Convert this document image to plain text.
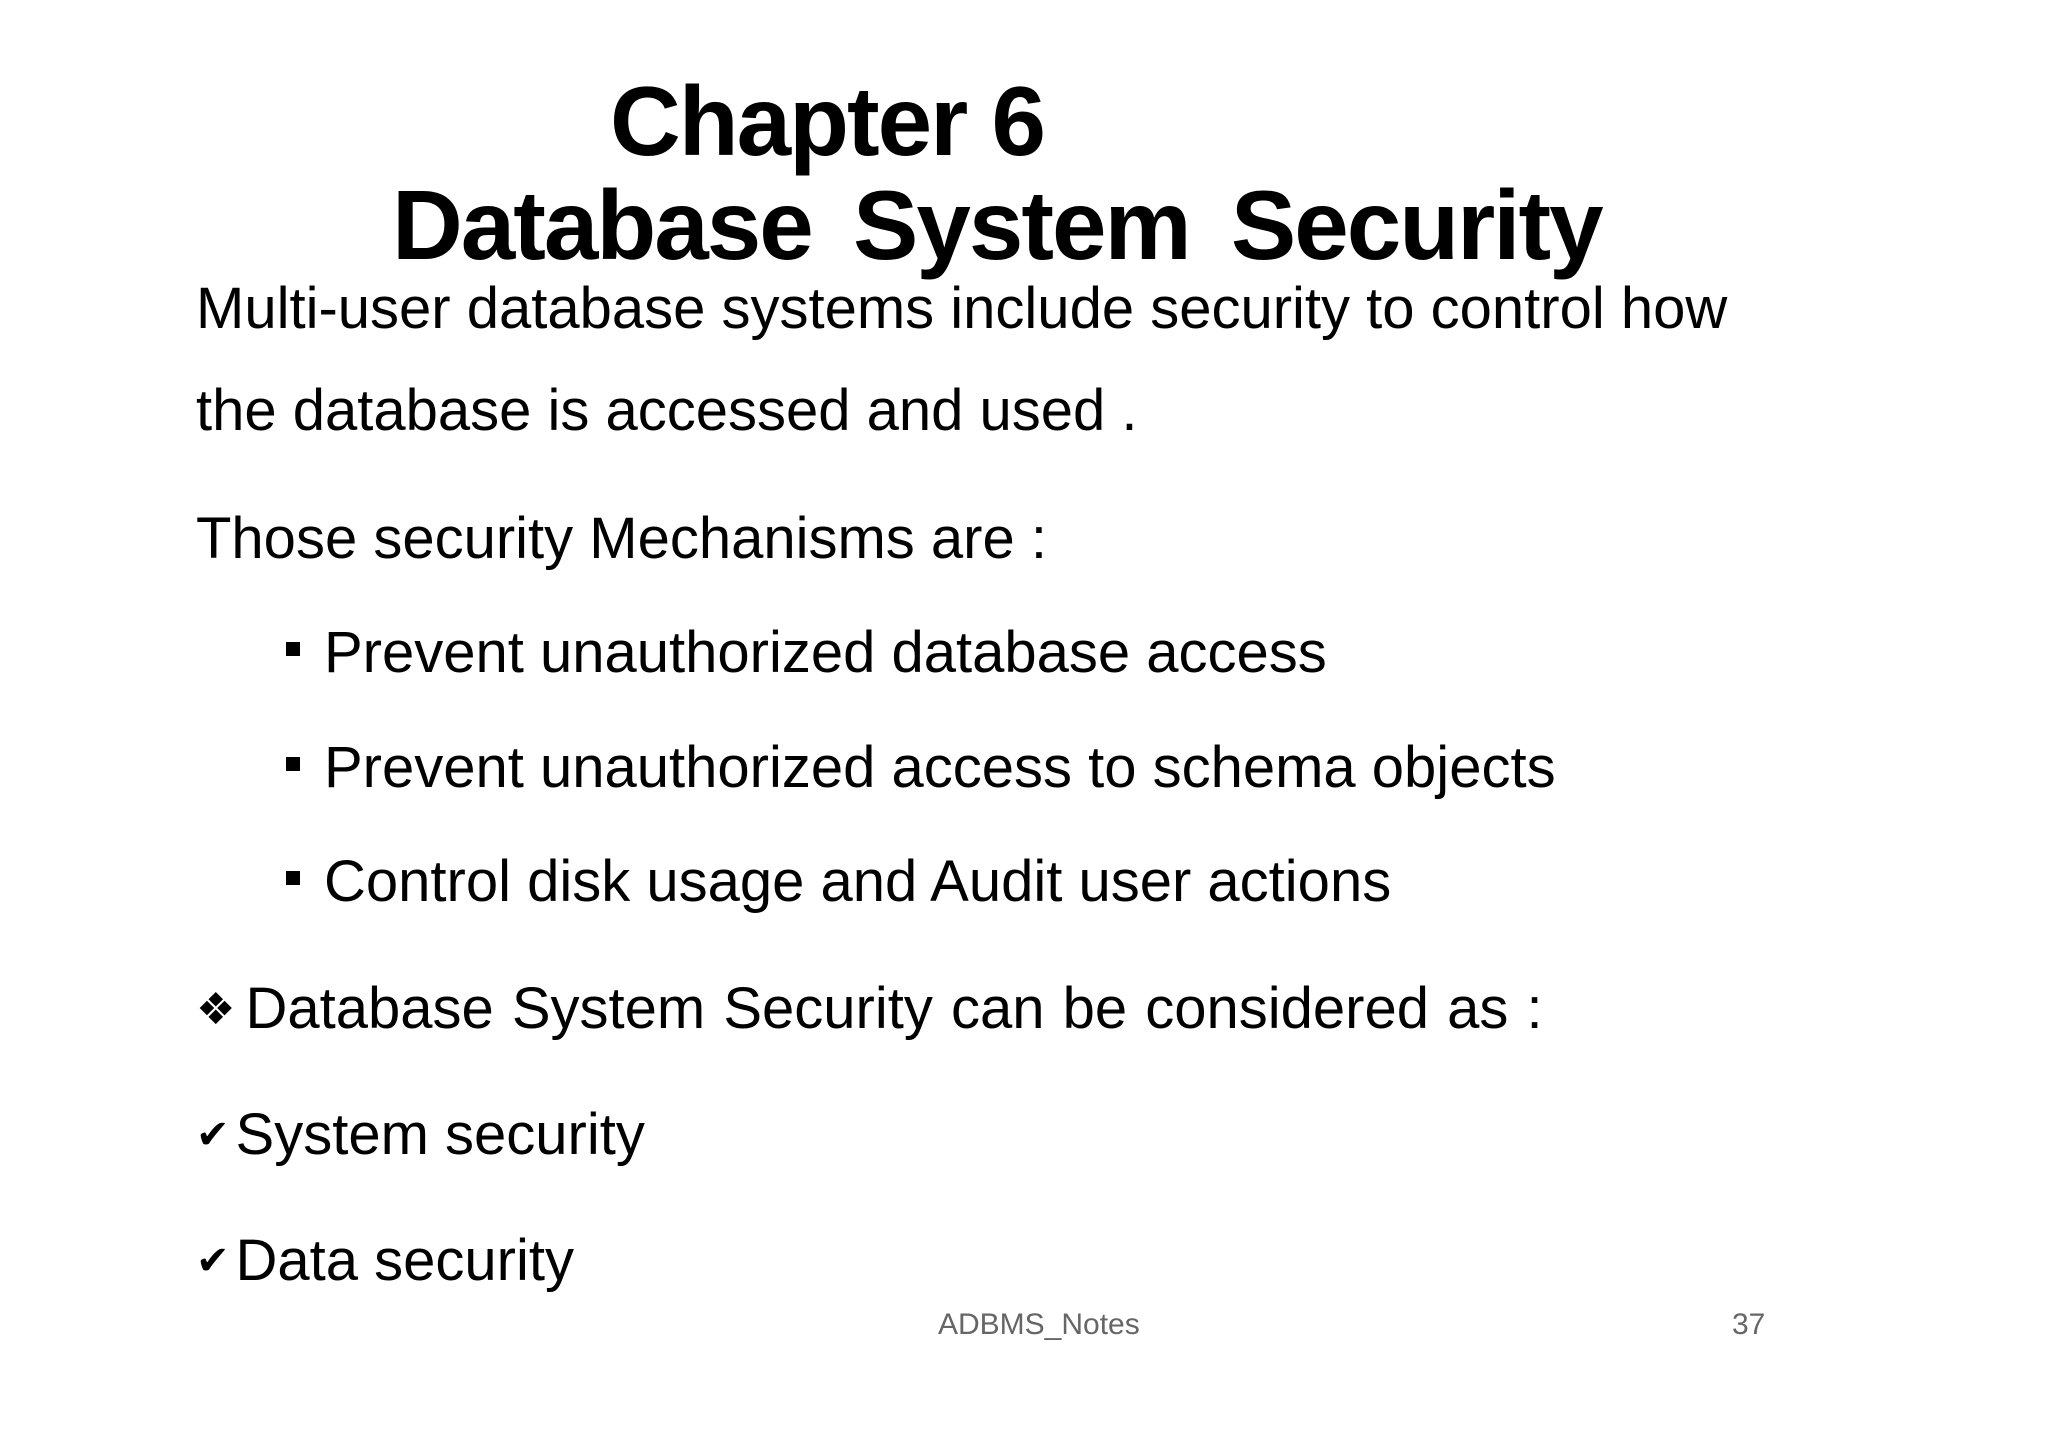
Chapter 6
Database System Security
Multi-user database systems include security to control how
the database is accessed and used .
Those security Mechanisms are :
Prevent unauthorized database access
Prevent unauthorized access to schema objects
Control disk usage and Audit user actions
❖ Database System Security can be considered as :
✔ System security
✔ Data security
ADBMS_Notes	37
